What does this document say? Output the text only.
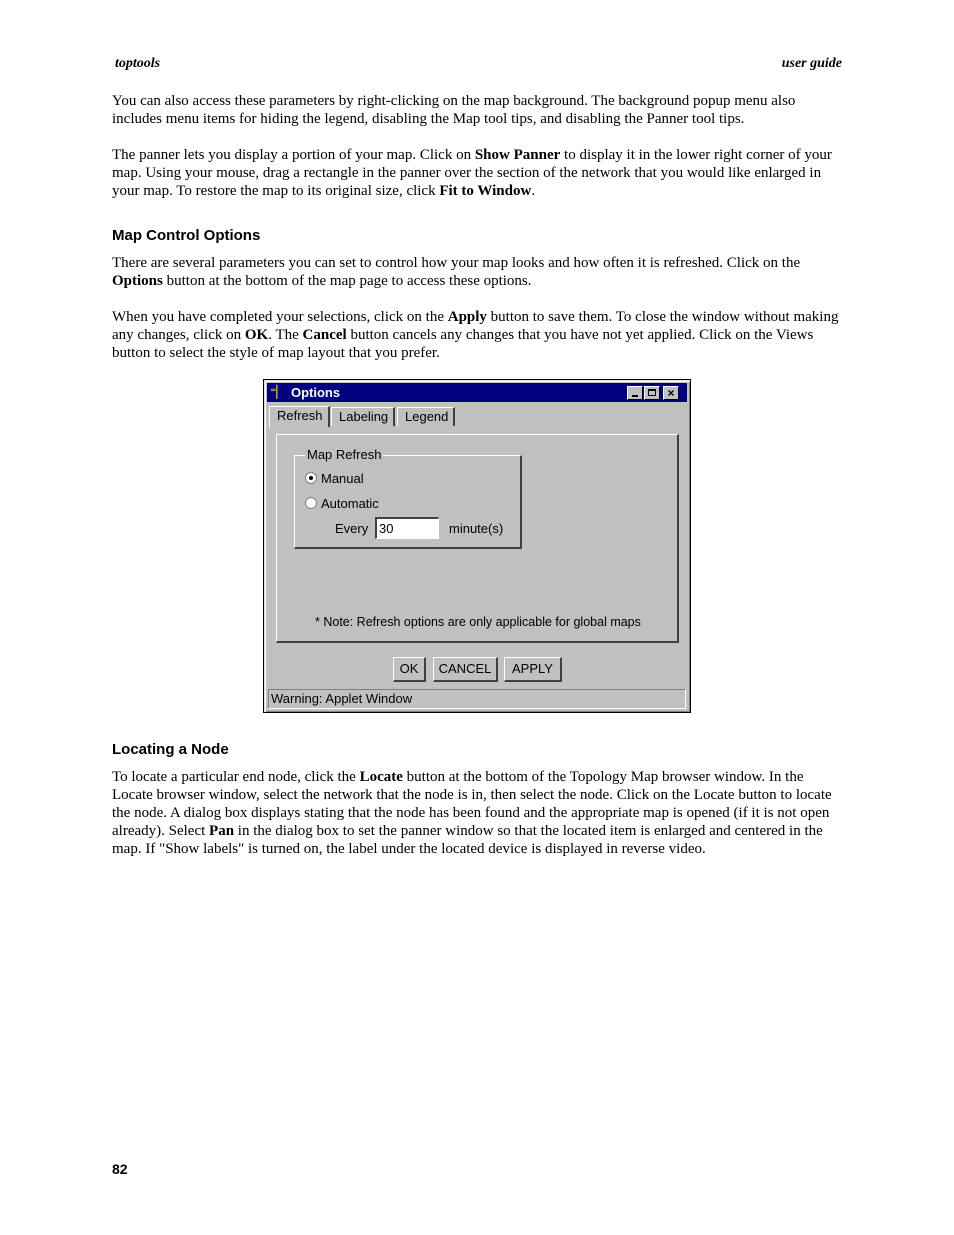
toptools	user guide

You can also access these parameters by right-clicking on the map background. The background popup menu also includes menu items for hiding the legend, disabling the Map tool tips, and disabling the Panner tool tips.

The panner lets you display a portion of your map. Click on Show Panner to display it in the lower right corner of your map. Using your mouse, drag a rectangle in the panner over the section of the network that you would like enlarged in your map. To restore the map to its original size, click Fit to Window.

Map Control Options

There are several parameters you can set to control how your map looks and how often it is refreshed. Click on the Options button at the bottom of the map page to access these options.

When you have completed your selections, click on the Apply button to save them. To close the window without making any changes, click on OK. The Cancel button cancels any changes that you have not yet applied. Click on the Views button to select the style of map layout that you prefer.

⁼▏ Options	×
Refresh	Labeling	Legend
Map Refresh
Manual
Automatic
Every
30	minute(s)
* Note: Refresh options are only applicable for global maps
OK	CANCEL	APPLY
Warning: Applet Window
Locating a Node

To locate a particular end node, click the Locate button at the bottom of the Topology Map browser window. In the Locate browser window, select the network that the node is in, then select the node. Click on the Locate button to locate the node. A dialog box displays stating that the node has been found and the appropriate map is opened (if it is not open already). Select Pan in the dialog box to set the panner window so that the located item is enlarged and centered in the map. If "Show labels" is turned on, the label under the located device is displayed in reverse video.

82
